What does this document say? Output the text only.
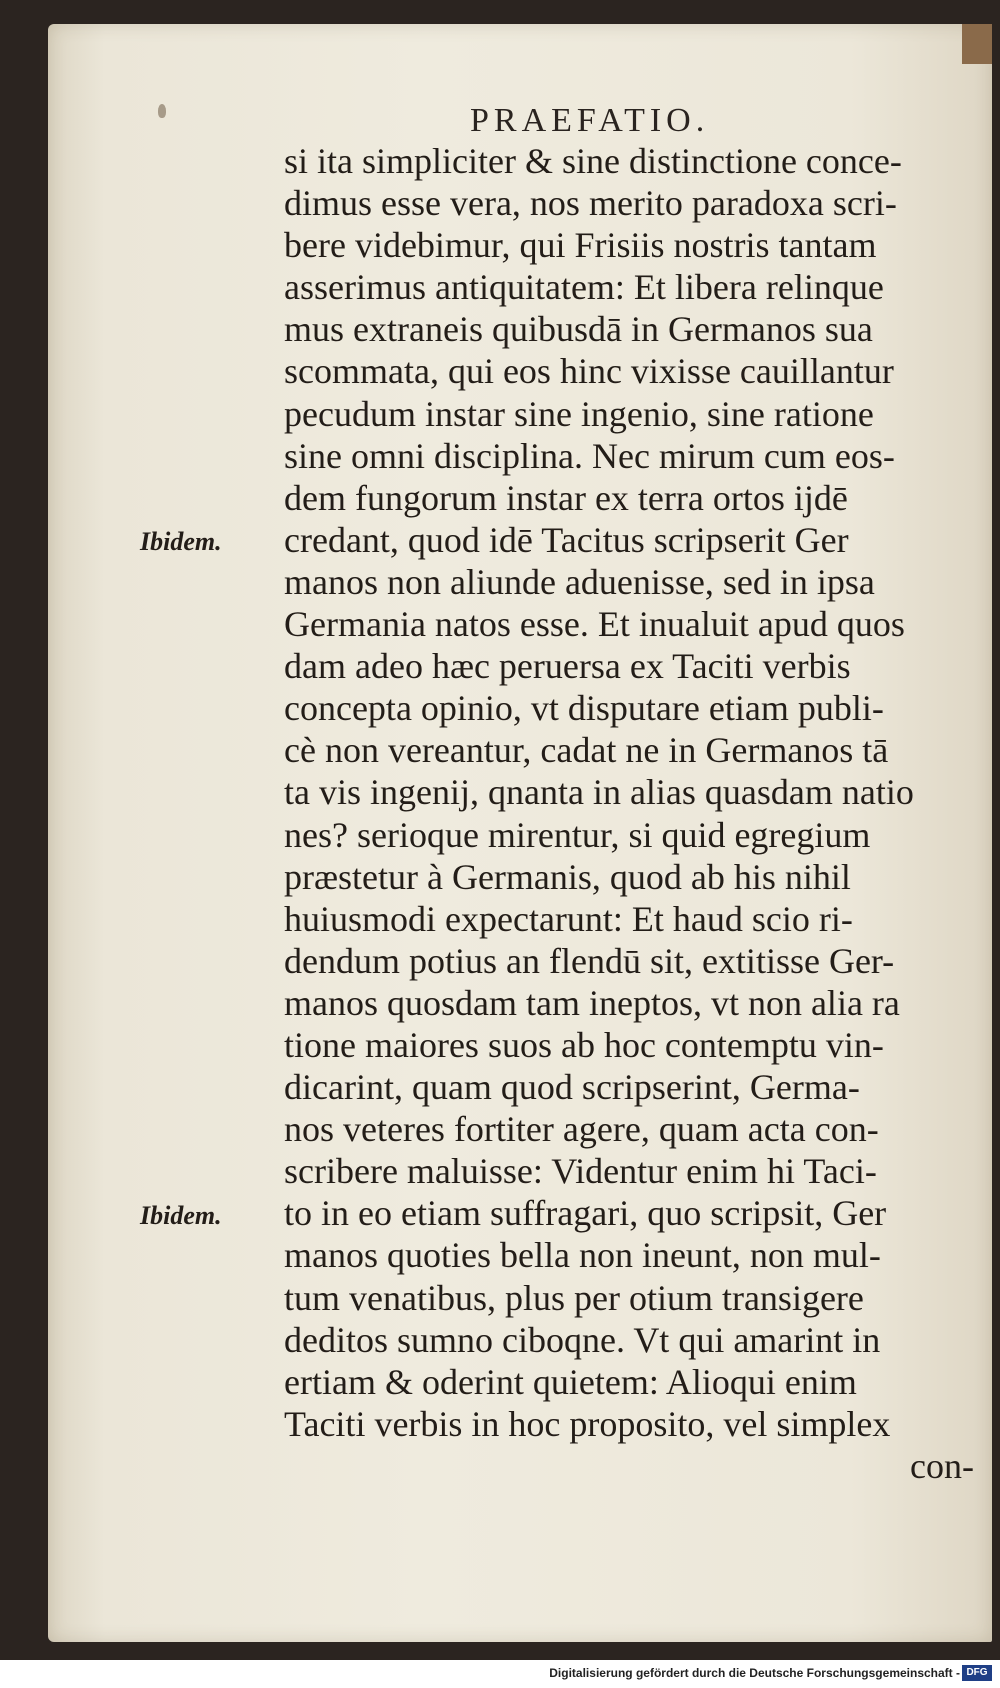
PRAEFATIO.
si ita simpliciter & sine distinctione conce-
dimus esse vera, nos merito paradoxa scri-
bere videbimur, qui Frisiis nostris tantam
asserimus antiquitatem: Et libera relinque
mus extraneis quibusdā in Germanos sua
scommata, qui eos hinc vixisse cauillantur
pecudum instar sine ingenio, sine ratione
sine omni disciplina. Nec mirum cum eos-
dem fungorum instar ex terra ortos ijdē
credant, quod idē Tacitus scripserit Ger
manos non aliunde aduenisse, sed in ipsa
Germania natos esse. Et inualuit apud quos
dam adeo hæc peruersa ex Taciti verbis
concepta opinio, vt disputare etiam publi-
cè non vereantur, cadat ne in Germanos tā
ta vis ingenij, qnanta in alias quasdam natio
nes? serioque mirentur, si quid egregium
præstetur à Germanis, quod ab his nihil
huiusmodi expectarunt: Et haud scio ri-
dendum potius an flendū sit, extitisse Ger-
manos quosdam tam ineptos, vt non alia ra
tione maiores suos ab hoc contemptu vin-
dicarint, quam quod scripserint, Germa-
nos veteres fortiter agere, quam acta con-
scribere maluisse: Videntur enim hi Taci-
to in eo etiam suffragari, quo scripsit, Ger
manos quoties bella non ineunt, non mul-
tum venatibus, plus per otium transigere
deditos sumno ciboqne. Vt qui amarint in
ertiam & oderint quietem: Alioqui enim
Taciti verbis in hoc proposito, vel simplex
con-
Ibidem.
Ibidem.
Digitalisierung gefördert durch die Deutsche Forschungsgemeinschaft - DFG
